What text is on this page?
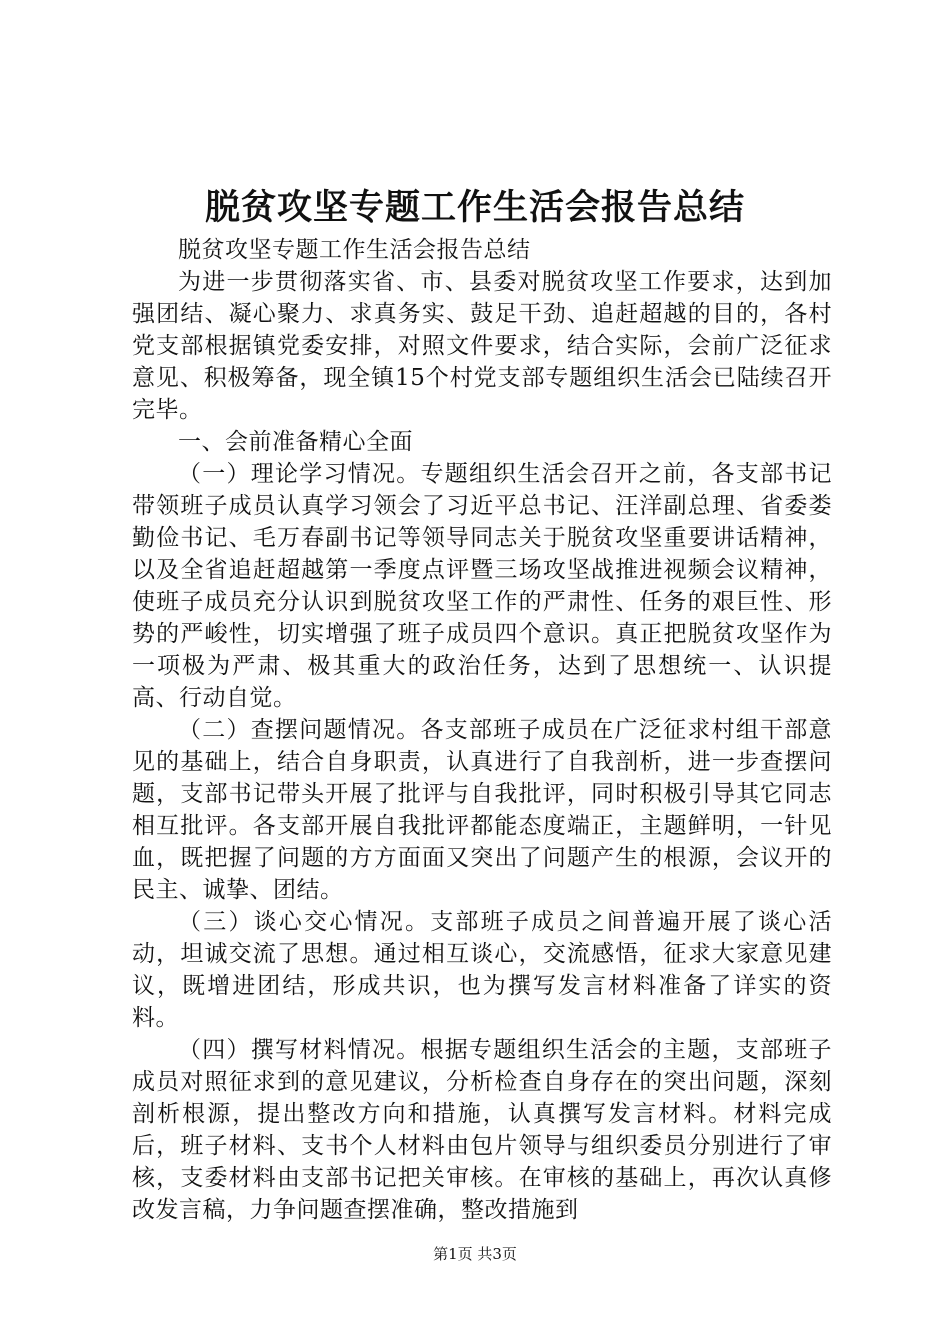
脱贫攻坚专题工作生活会报告总结

脱贫攻坚专题工作生活会报告总结

为进一步贯彻落实省、市、县委对脱贫攻坚工作要求，达到加强团结、凝心聚力、求真务实、鼓足干劲、追赶超越的目的，各村党支部根据镇党委安排，对照文件要求，结合实际，会前广泛征求意见、积极筹备，现全镇15个村党支部专题组织生活会已陆续召开完毕。

一、会前准备精心全面

（一）理论学习情况。专题组织生活会召开之前，各支部书记带领班子成员认真学习领会了习近平总书记、汪洋副总理、省委娄勤俭书记、毛万春副书记等领导同志关于脱贫攻坚重要讲话精神，以及全省追赶超越第一季度点评暨三场攻坚战推进视频会议精神，使班子成员充分认识到脱贫攻坚工作的严肃性、任务的艰巨性、形势的严峻性，切实增强了班子成员四个意识。真正把脱贫攻坚作为一项极为严肃、极其重大的政治任务，达到了思想统一、认识提高、行动自觉。

（二）查摆问题情况。各支部班子成员在广泛征求村组干部意见的基础上，结合自身职责，认真进行了自我剖析，进一步查摆问题，支部书记带头开展了批评与自我批评，同时积极引导其它同志相互批评。各支部开展自我批评都能态度端正，主题鲜明，一针见血，既把握了问题的方方面面又突出了问题产生的根源，会议开的民主、诚挚、团结。

（三）谈心交心情况。支部班子成员之间普遍开展了谈心活动，坦诚交流了思想。通过相互谈心，交流感悟，征求大家意见建议，既增进团结，形成共识，也为撰写发言材料准备了详实的资料。

（四）撰写材料情况。根据专题组织生活会的主题，支部班子成员对照征求到的意见建议，分析检查自身存在的突出问题，深刻剖析根源，提出整改方向和措施，认真撰写发言材料。材料完成后，班子材料、支书个人材料由包片领导与组织委员分别进行了审核，支委材料由支部书记把关审核。在审核的基础上，再次认真修改发言稿，力争问题查摆准确，整改措施到

第1页 共3页
